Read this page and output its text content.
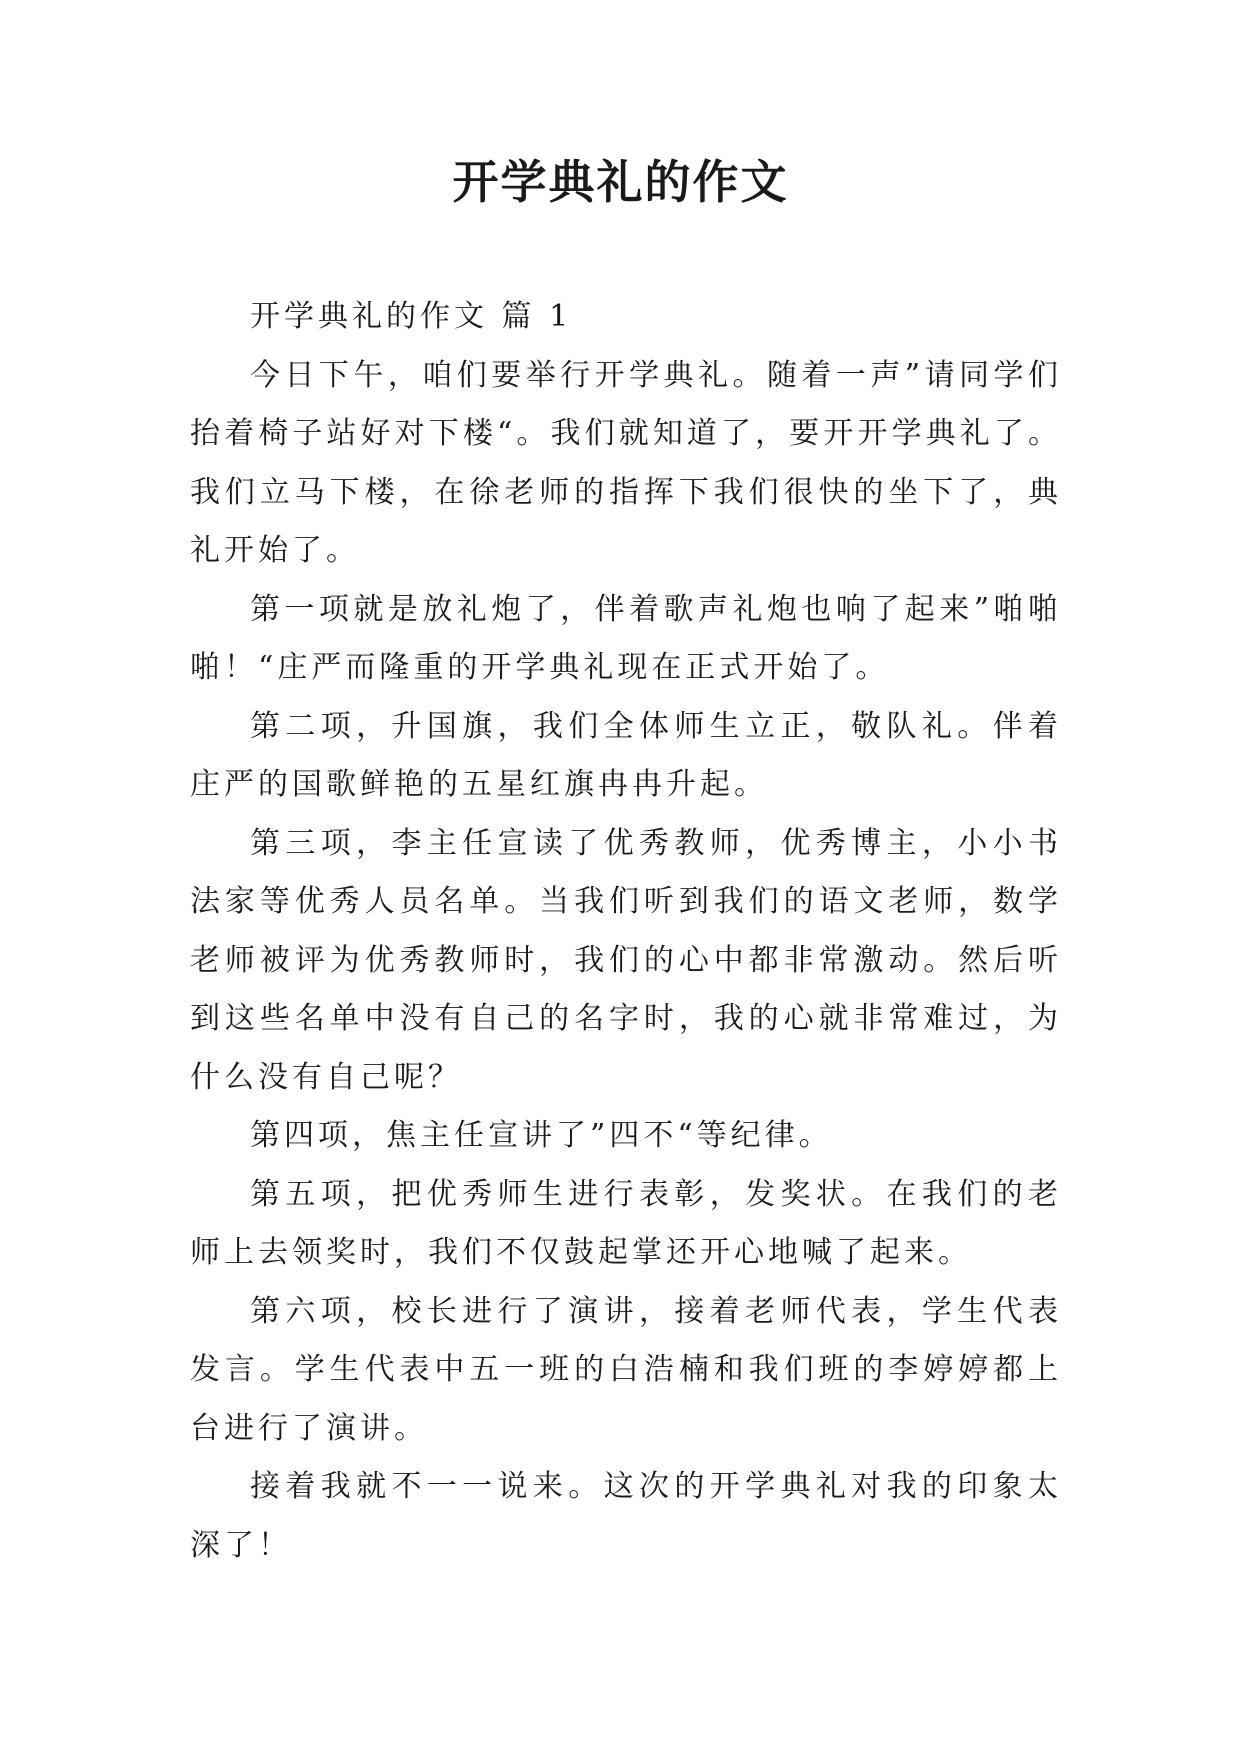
开学典礼的作文

开学典礼的作文 篇 1

今日下午，咱们要举行开学典礼。随着一声”请同学们抬着椅子站好对下楼“。我们就知道了，要开开学典礼了。我们立马下楼，在徐老师的指挥下我们很快的坐下了，典礼开始了。

第一项就是放礼炮了，伴着歌声礼炮也响了起来”啪啪 啪！“庄严而隆重的开学典礼现在正式开始了。

第二项，升国旗，我们全体师生立正，敬队礼。伴着庄严的国歌鲜艳的五星红旗冉冉升起。

第三项，李主任宣读了优秀教师，优秀博主，小小书法家等优秀人员名单。当我们听到我们的语文老师，数学老师被评为优秀教师时，我们的心中都非常激动。然后听到这些名单中没有自己的名字时，我的心就非常难过，为什么没有自己呢？

第四项，焦主任宣讲了”四不“等纪律。

第五项，把优秀师生进行表彰，发奖状。在我们的老师上去领奖时，我们不仅鼓起掌还开心地喊了起来。

第六项，校长进行了演讲，接着老师代表，学生代表发言。学生代表中五一班的白浩楠和我们班的李婷婷都上台进行了演讲。

接着我就不一一说来。这次的开学典礼对我的印象太深了！
